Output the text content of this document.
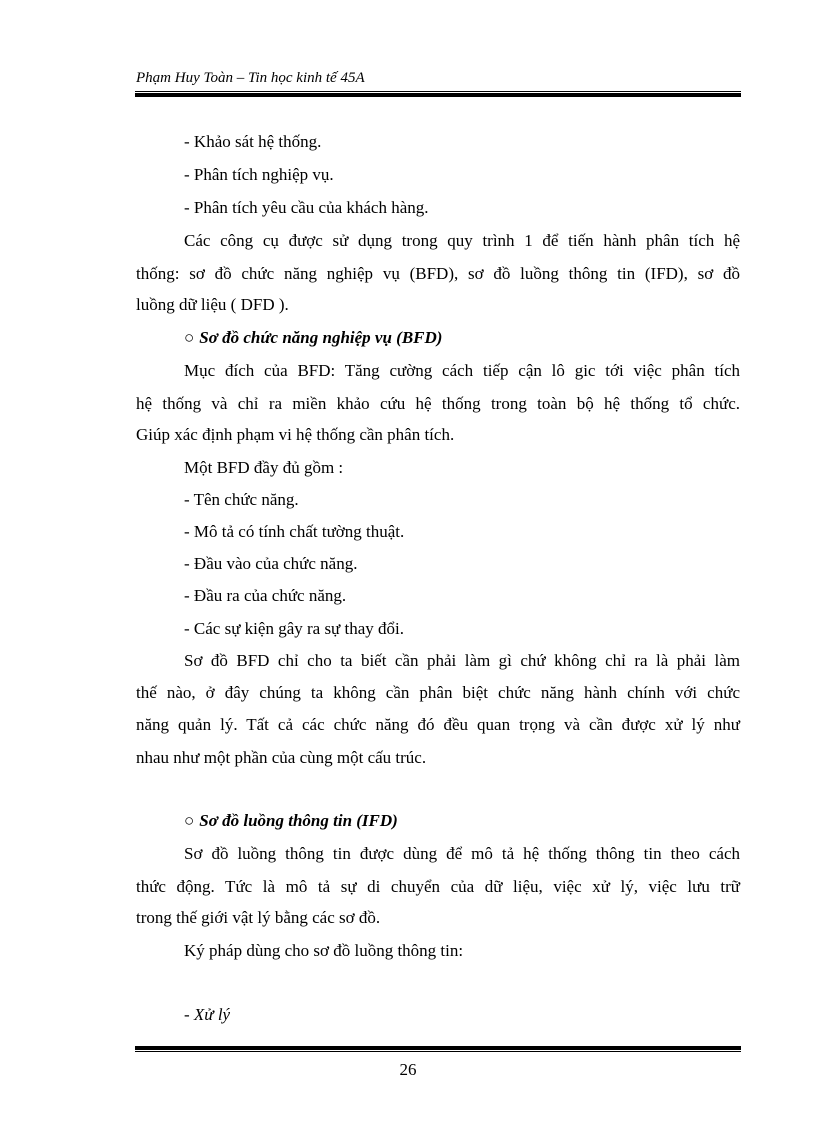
Phạm Huy Toàn – Tin học kinh tế 45A
- Khảo sát hệ thống.
- Phân tích nghiệp vụ.
- Phân tích yêu cầu của khách hàng.
Các công cụ được sử dụng trong quy trình 1 để tiến hành phân tích hệ
thống: sơ đồ chức năng nghiệp vụ (BFD), sơ đồ luồng thông tin (IFD), sơ đồ
luồng dữ liệu ( DFD ).
○ Sơ đồ chức năng nghiệp vụ (BFD)
Mục đích của BFD: Tăng cường cách tiếp cận lô gic tới việc phân tích
hệ thống và chỉ ra miền khảo cứu hệ thống trong toàn bộ hệ thống tổ chức.
Giúp xác định phạm vi hệ thống cần phân tích.
Một BFD đầy đủ gồm :
- Tên chức năng.
- Mô tả có tính chất tường thuật.
- Đầu vào của chức năng.
- Đầu ra của chức năng.
- Các sự kiện gây ra sự thay đổi.
Sơ đồ BFD chỉ cho ta biết cần phải làm gì chứ không chỉ ra là phải làm
thế nào, ở đây chúng ta không cần phân biệt chức năng hành chính với chức
năng quản lý. Tất cả các chức năng đó đều quan trọng và cần được xử lý như
nhau như một phần của cùng một cấu trúc.
○ Sơ đồ luồng thông tin (IFD)
Sơ đồ luồng thông tin được dùng để mô tả hệ thống thông tin theo cách
thức động. Tức là mô tả sự di chuyển của dữ liệu, việc xử lý, việc lưu trữ
trong thế giới vật lý bằng các sơ đồ.
Ký pháp dùng cho sơ đồ luồng thông tin:
- Xử lý
26
